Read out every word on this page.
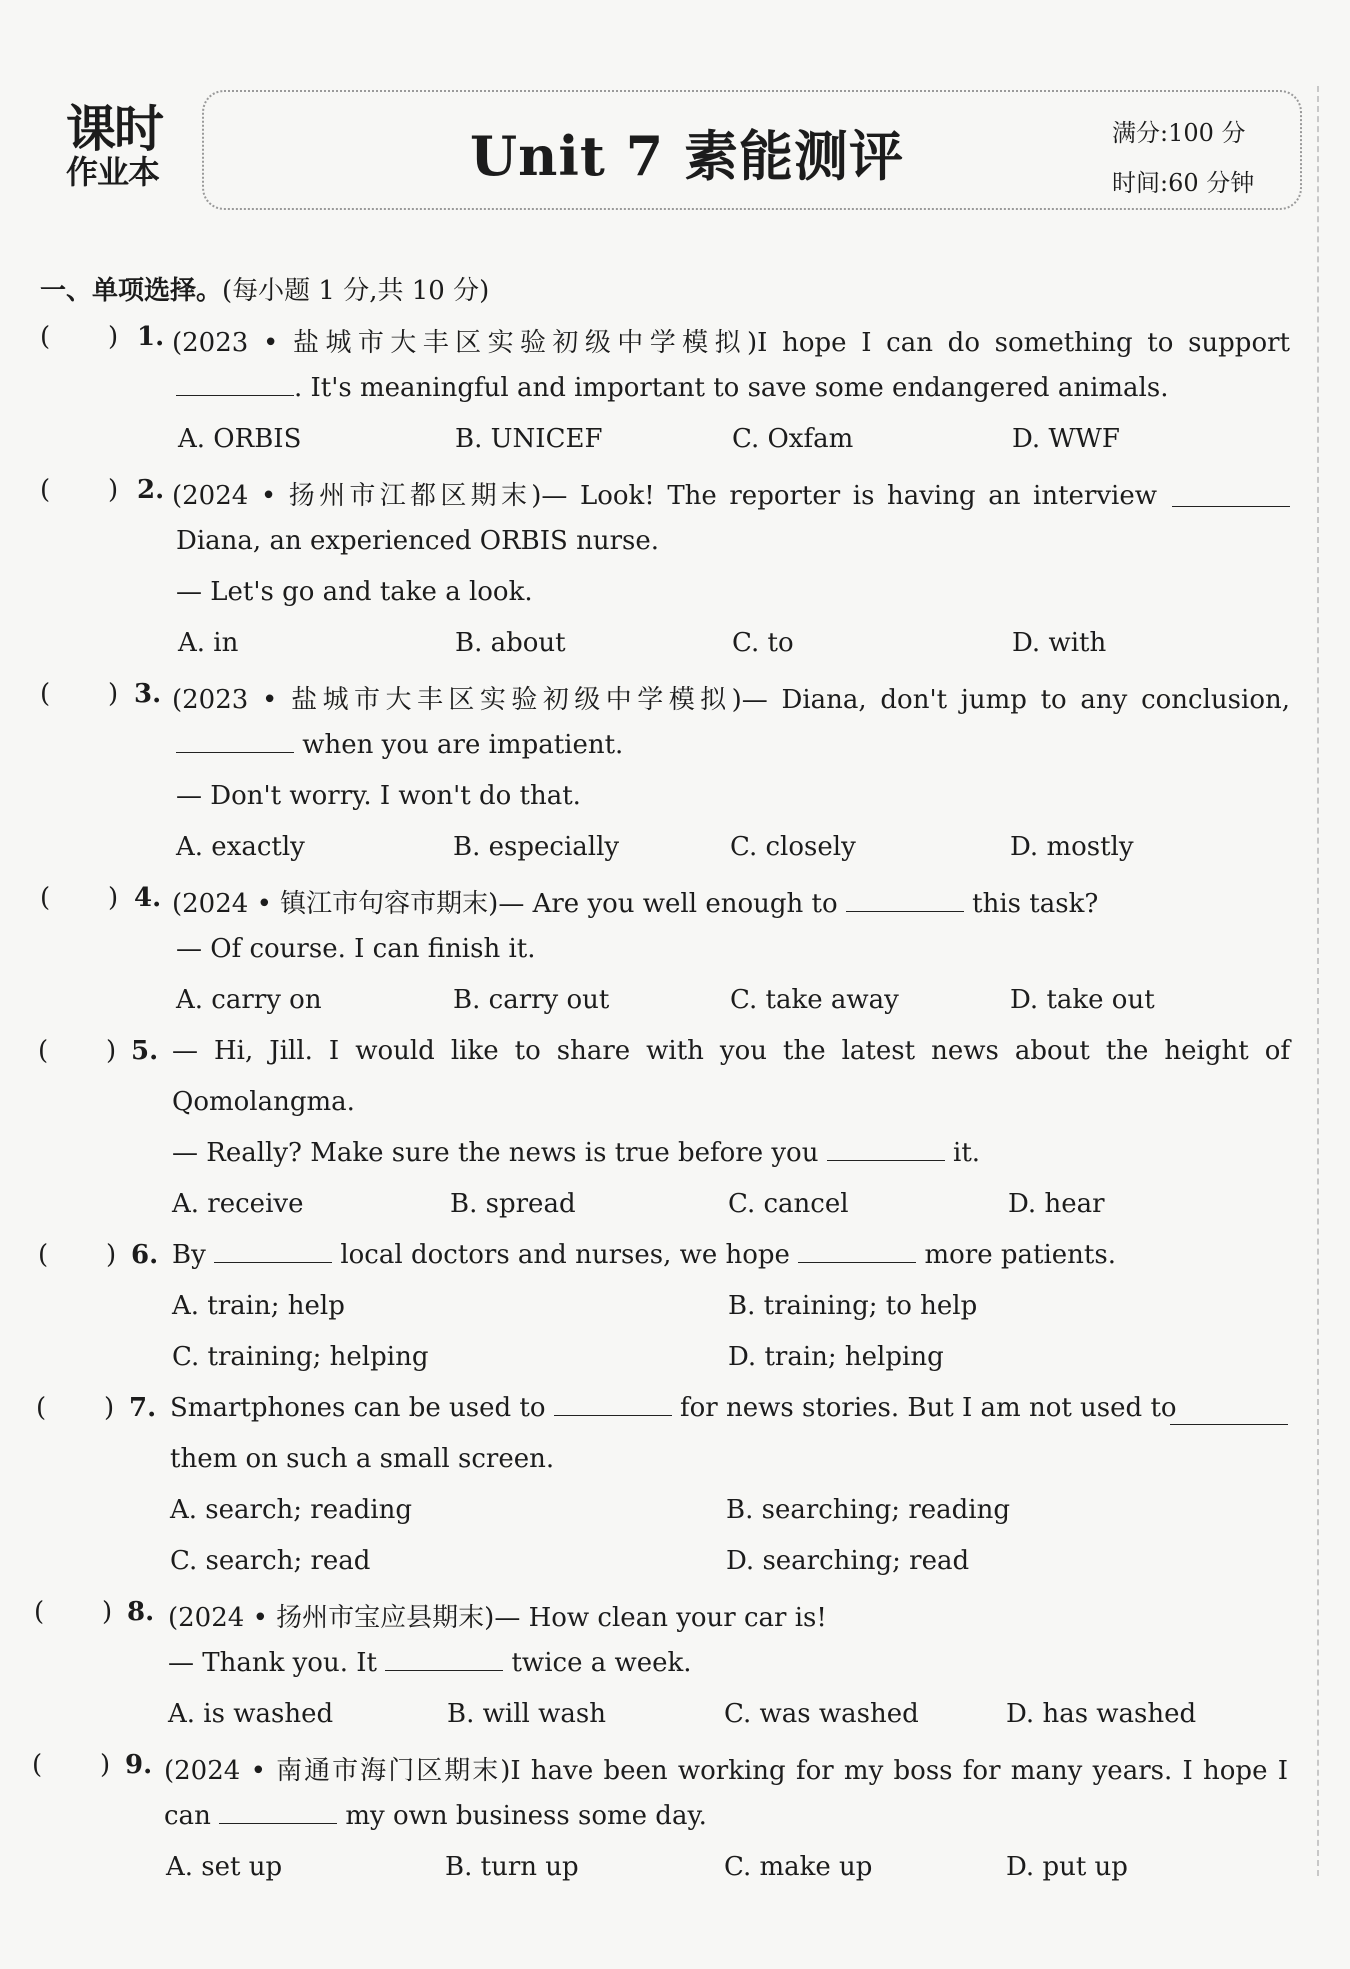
课时
作业本	Unit 7 素能测评	满分:100 分
时间:60 分钟
一、单项选择。(每小题 1 分,共 10 分)
(       ) 1. (2023 • 盐城市大丰区实验初级中学模拟)I hope I can do something to support
. It's meaningful and important to save some endangered animals.
A. ORBIS	B. UNICEF	C. Oxfam	D. WWF
(       ) 2. (2024 • 扬州市江都区期末)— Look! The reporter is having an interview
Diana, an experienced ORBIS nurse.
— Let's go and take a look.
A. in	B. about	C. to	D. with
(       ) 3. (2023 • 盐城市大丰区实验初级中学模拟)— Diana, don't jump to any conclusion,
when you are impatient.
— Don't worry. I won't do that.
A. exactly	B. especially	C. closely	D. mostly
(       ) 4. (2024 • 镇江市句容市期末)— Are you well enough to	this task?
— Of course. I can finish it.
A. carry on	B. carry out	C. take away	D. take out
(       ) 5. — Hi, Jill. I would like to share with you the latest news about the height of
Qomolangma.
— Really? Make sure the news is true before you	it.
A. receive	B. spread	C. cancel	D. hear
(       ) 6. By	local doctors and nurses, we hope	more patients.
A. train; help	B. training; to help
C. training; helping	D. train; helping
(       ) 7. Smartphones can be used to	for news stories. But I am not used to
them on such a small screen.
A. search; reading	B. searching; reading
C. search; read	D. searching; read
(       ) 8. (2024 • 扬州市宝应县期末)— How clean your car is!
— Thank you. It	twice a week.
A. is washed	B. will wash	C. was washed	D. has washed
(       ) 9. (2024 • 南通市海门区期末)I have been working for my boss for many years. I hope I
can	my own business some day.
A. set up	B. turn up	C. make up	D. put up
